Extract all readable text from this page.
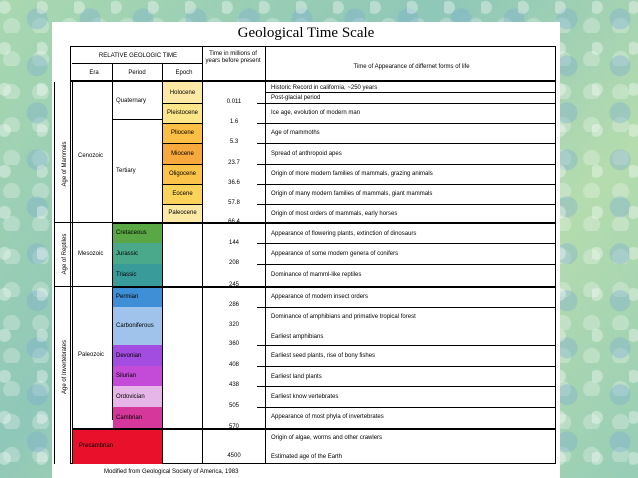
Geological Time Scale
RELATIVE GEOLOGIC TIME
Era	Period	Epoch
Time in millions of years before present
Time of Appearance of differnet forms of life
Age of Mammals
Age of Reptiles
Age of Invertebrates
Cenozoic
Mesozoic
Paleozoic
Quaternary
Tertiary
Cretaceous
Jurassic
Triassic
Permian
Carboniferous
Devonian
Silurian
Ordovician
Cambrian
Precambrian
Holocene
Pleistocene
Pliocene
Miocene
Oligocene
Eocene
Paleocene
0.011
1.6
5.3
23.7
36.6
57.8
66.4
144
208
245
286
320
360
408
438
505
570
4500
Historic Record in california, ~250 years
Post-glacial period
Ice age, evolution of modern man
Age of mammoths
Spread of anthropoid apes
Origin of more modern families of mammals, grazing animals
Origin of many modern families of mammals, giant mammals
Origin of most orders of mammals, early horses
Appearance of flowering plants, extinction of dinosaurs
Appearance of some modern genera of conifers
Dominance of mamml-like reptiles
Appearance of modern insect orders
Dominance of amphibians and primative tropical forest
Earliest amphibians
Earliest seed plants, rise of bony fishes
Earliest land plants
Earliest know vertebrates
Appearance of most phyla of invertebrates
Origin of algae, worms and other crawlers
Estimated age of the Earth
Modified from Geological Society of America, 1983
